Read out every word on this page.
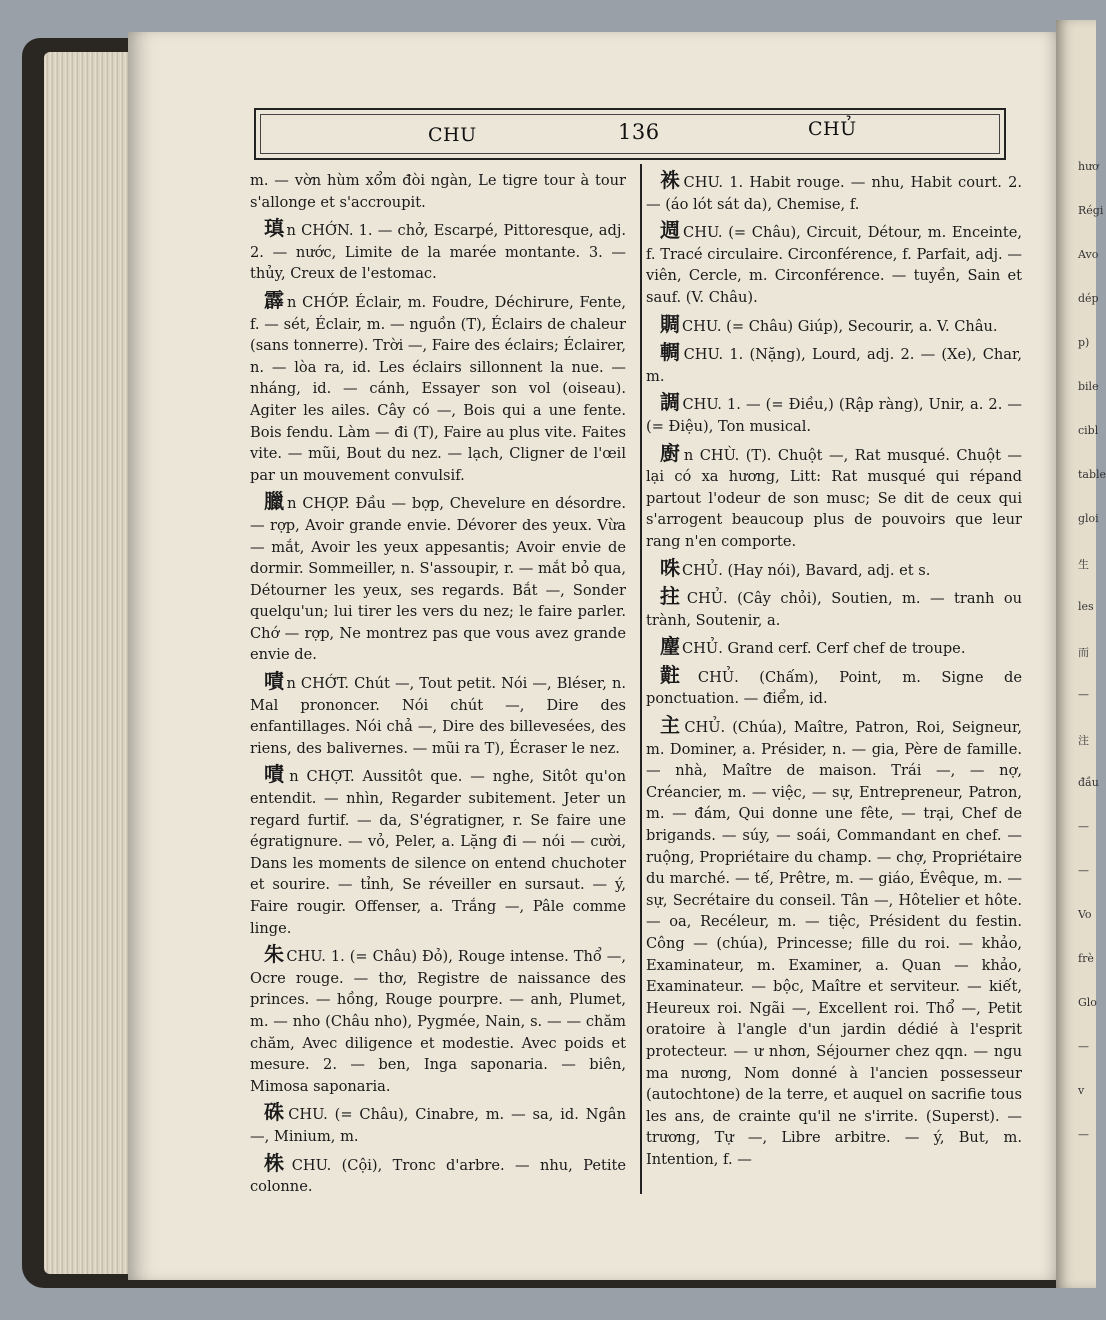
hươ
Régi
Avo
dép
p)
bile
cibl
table
gloi
生
les
而
—
注
đầu
—
—
Vo
frè
Glo
—
v
—
CHU	136	CHỦ

m. — vờn hùm xổm đòi ngàn, Le tigre tour à tour s'allonge et s'accroupit.

瑱 n CHỚN. 1. — chở, Escarpé, Pittoresque, adj. 2. — nước, Limite de la marée montante. 3. — thủy, Creux de l'estomac.

霹 n CHỚP. Éclair, m. Foudre, Déchirure, Fente, f. — sét, Éclair, m. — nguồn (T), Éclairs de chaleur (sans tonnerre). Trời —, Faire des éclairs; Éclairer, n. — lòa ra, id. Les éclairs sillonnent la nue. — nháng, id. — cánh, Essayer son vol (oiseau). Agiter les ailes. Cây có —, Bois qui a une fente. Bois fendu. Làm — đi (T), Faire au plus vite. Faites vite. — mũi, Bout du nez. — lạch, Cligner de l'œil par un mouvement convulsif.

臘 n CHỢP. Đầu — bợp, Chevelure en désordre. — rợp, Avoir grande envie. Dévorer des yeux. Vừa — mắt, Avoir les yeux appesantis; Avoir envie de dormir. Sommeiller, n. S'assoupir, r. — mắt bỏ qua, Détourner les yeux, ses regards. Bắt —, Sonder quelqu'un; lui tirer les vers du nez; le faire parler. Chớ — rợp, Ne montrez pas que vous avez grande envie de.

嘖 n CHỚT. Chút —, Tout petit. Nói —, Bléser, n. Mal prononcer. Nói chút —, Dire des enfantillages. Nói chả —, Dire des billevesées, des riens, des balivernes. — mũi ra T), Écraser le nez.

嘖 n CHỢT. Aussitôt que. — nghe, Sitôt qu'on entendit. — nhìn, Regarder subitement. Jeter un regard furtif. — da, S'égratigner, r. Se faire une égratignure. — vỏ, Peler, a. Lặng đi — nói — cười, Dans les moments de silence on entend chuchoter et sourire. — tỉnh, Se réveiller en sursaut. — ý, Faire rougir. Offenser, a. Trắng —, Pâle comme linge.

朱 CHU. 1. (= Châu) Đỏ), Rouge intense. Thổ —, Ocre rouge. — thơ, Registre de naissance des princes. — hồng, Rouge pourpre. — anh, Plumet, m. — nho (Châu nho), Pygmée, Nain, s. — — chăm chăm, Avec diligence et modestie. Avec poids et mesure. 2. — ben, Inga saponaria. — biên, Mimosa saponaria.

硃 CHU. (= Châu), Cinabre, m. — sa, id. Ngân —, Minium, m.

株 CHU. (Cội), Tronc d'arbre. — nhu, Petite colonne.

袾 CHU. 1. Habit rouge. — nhu, Habit court. 2. — (áo lót sát da), Chemise, f.

週 CHU. (= Châu), Circuit, Détour, m. Enceinte, f. Tracé circulaire. Circonférence, f. Parfait, adj. — viên, Cercle, m. Circonférence. — tuyền, Sain et sauf. (V. Châu).

賙 CHU. (= Châu) Giúp), Secourir, a. V. Châu.

輖 CHU. 1. (Nặng), Lourd, adj. 2. — (Xe), Char, m.

調 CHU. 1. — (= Điều,) (Rập ràng), Unir, a. 2. — (= Điệu), Ton musical.

廚 n CHÙ. (T). Chuột —, Rat musqué. Chuột — lại có xa hương, Litt: Rat musqué qui répand partout l'odeur de son musc; Se dit de ceux qui s'arrogent beaucoup plus de pouvoirs que leur rang n'en comporte.

咮 CHỦ. (Hay nói), Bavard, adj. et s.

拄 CHỦ. (Cây chỏi), Soutien, m. — tranh ou trành, Soutenir, a.

麈 CHỦ. Grand cerf. Cerf chef de troupe.

黈 CHỦ. (Chấm), Point, m. Signe de ponctuation. — điểm, id.

主 CHỦ. (Chúa), Maître, Patron, Roi, Seigneur, m. Dominer, a. Présider, n. — gia, Père de famille. — nhà, Maître de maison. Trái —, — nợ, Créancier, m. — việc, — sự, Entrepreneur, Patron, m. — đám, Qui donne une fête, — trại, Chef de brigands. — súy, — soái, Commandant en chef. — ruộng, Propriétaire du champ. — chợ, Propriétaire du marché. — tế, Prêtre, m. — giáo, Évêque, m. — sự, Secrétaire du conseil. Tân —, Hôtelier et hôte. — oa, Recéleur, m. — tiệc, Président du festin. Công — (chúa), Princesse; fille du roi. — khảo, Examinateur, m. Examiner, a. Quan — khảo, Examinateur. — bộc, Maître et serviteur. — kiết, Heureux roi. Ngãi —, Excellent roi. Thổ —, Petit oratoire à l'angle d'un jardin dédié à l'esprit protecteur. — ư nhơn, Séjourner chez qqn. — ngu ma nương, Nom donné à l'ancien possesseur (autochtone) de la terre, et auquel on sacrifie tous les ans, de crainte qu'il ne s'irrite. (Superst). — trương, Tự —, Libre arbitre. — ý, But, m. Intention, f. —
